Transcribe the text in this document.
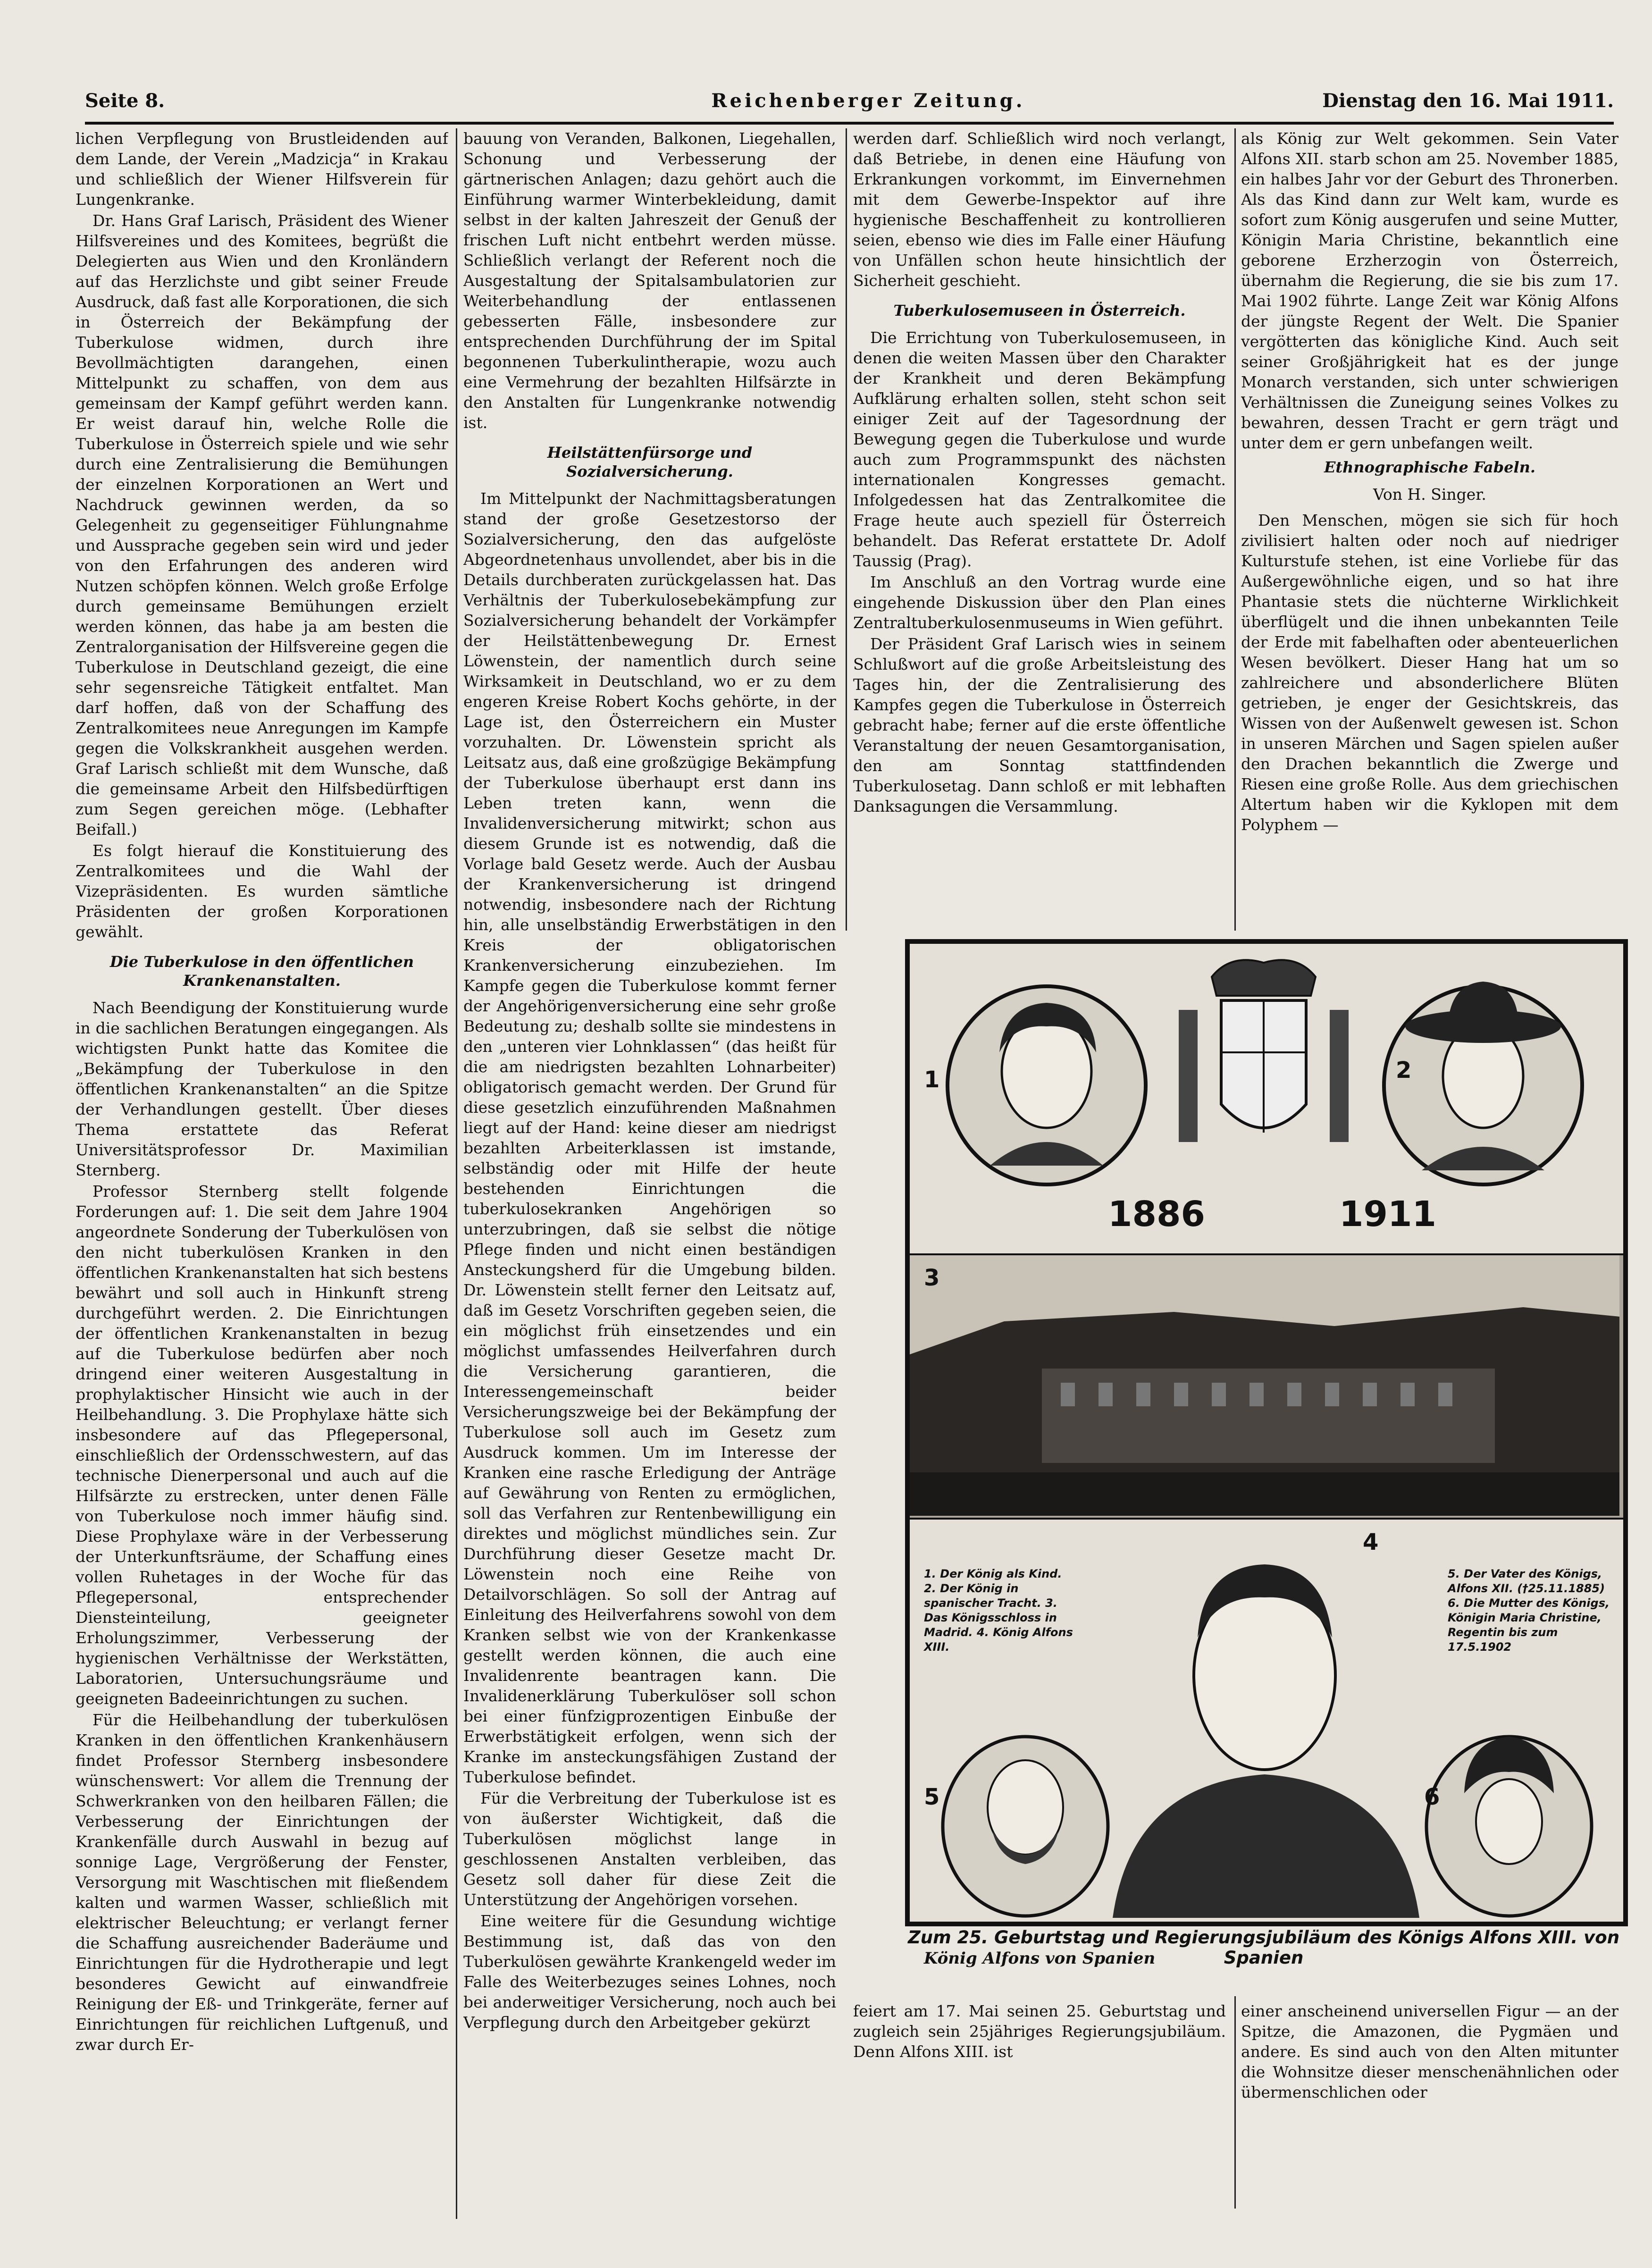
Seite 8.	Reichenberger Zeitung.	Dienstag den 16. Mai 1911.

lichen Verpflegung von Brustleidenden auf dem Lande, der Verein „Madzicja“ in Krakau und schließlich der Wiener Hilfsverein für Lungenkranke.

Dr. Hans Graf Larisch, Präsident des Wiener Hilfsvereines und des Komitees, begrüßt die Delegierten aus Wien und den Kronländern auf das Herzlichste und gibt seiner Freude Ausdruck, daß fast alle Korporationen, die sich in Österreich der Bekämpfung der Tuberkulose widmen, durch ihre Bevollmächtigten darangehen, einen Mittelpunkt zu schaffen, von dem aus gemeinsam der Kampf geführt werden kann. Er weist darauf hin, welche Rolle die Tuberkulose in Österreich spiele und wie sehr durch eine Zentralisierung die Bemühungen der einzelnen Korporationen an Wert und Nachdruck gewinnen werden, da so Gelegenheit zu gegenseitiger Fühlungnahme und Aussprache gegeben sein wird und jeder von den Erfahrungen des anderen wird Nutzen schöpfen können. Welch große Erfolge durch gemeinsame Bemühungen erzielt werden können, das habe ja am besten die Zentralorganisation der Hilfsvereine gegen die Tuberkulose in Deutschland gezeigt, die eine sehr segensreiche Tätigkeit entfaltet. Man darf hoffen, daß von der Schaffung des Zentralkomitees neue Anregungen im Kampfe gegen die Volkskrankheit ausgehen werden. Graf Larisch schließt mit dem Wunsche, daß die gemeinsame Arbeit den Hilfsbedürftigen zum Segen gereichen möge. (Lebhafter Beifall.)

Es folgt hierauf die Konstituierung des Zentralkomitees und die Wahl der Vizepräsidenten. Es wurden sämtliche Präsidenten der großen Korporationen gewählt.

Die Tuberkulose in den öffentlichen Krankenanstalten.

Nach Beendigung der Konstituierung wurde in die sachlichen Beratungen eingegangen. Als wichtigsten Punkt hatte das Komitee die „Bekämpfung der Tuberkulose in den öffentlichen Krankenanstalten“ an die Spitze der Verhandlungen gestellt. Über dieses Thema erstattete das Referat Universitätsprofessor Dr. Maximilian Sternberg.

Professor Sternberg stellt folgende Forderungen auf: 1. Die seit dem Jahre 1904 angeordnete Sonderung der Tuberkulösen von den nicht tuberkulösen Kranken in den öffentlichen Krankenanstalten hat sich bestens bewährt und soll auch in Hinkunft streng durchgeführt werden. 2. Die Einrichtungen der öffentlichen Krankenanstalten in bezug auf die Tuberkulose bedürfen aber noch dringend einer weiteren Ausgestaltung in prophylaktischer Hinsicht wie auch in der Heilbehandlung. 3. Die Prophylaxe hätte sich insbesondere auf das Pflegepersonal, einschließlich der Ordensschwestern, auf das technische Dienerpersonal und auch auf die Hilfsärzte zu erstrecken, unter denen Fälle von Tuberkulose noch immer häufig sind. Diese Prophylaxe wäre in der Verbesserung der Unterkunftsräume, der Schaffung eines vollen Ruhetages in der Woche für das Pflegepersonal, entsprechender Diensteinteilung, geeigneter Erholungszimmer, Verbesserung der hygienischen Verhältnisse der Werkstätten, Laboratorien, Untersuchungsräume und geeigneten Badeeinrichtungen zu suchen.

Für die Heilbehandlung der tuberkulösen Kranken in den öffentlichen Krankenhäusern findet Professor Sternberg insbesondere wünschenswert: Vor allem die Trennung der Schwerkranken von den heilbaren Fällen; die Verbesserung der Einrichtungen der Krankenfälle durch Auswahl in bezug auf sonnige Lage, Vergrößerung der Fenster, Versorgung mit Waschtischen mit fließendem kalten und warmen Wasser, schließlich mit elektrischer Beleuchtung; er verlangt ferner die Schaffung ausreichender Baderäume und Einrichtungen für die Hydrotherapie und legt besonderes Gewicht auf einwandfreie Reinigung der Eß- und Trinkgeräte, ferner auf Einrichtungen für reichlichen Luftgenuß, und zwar durch Er-

bauung von Veranden, Balkonen, Liegehallen, Schonung und Verbesserung der gärtnerischen Anlagen; dazu gehört auch die Einführung warmer Winterbekleidung, damit selbst in der kalten Jahreszeit der Genuß der frischen Luft nicht entbehrt werden müsse. Schließlich verlangt der Referent noch die Ausgestaltung der Spitalsambulatorien zur Weiterbehandlung der entlassenen gebesserten Fälle, insbesondere zur entsprechenden Durchführung der im Spital begonnenen Tuberkulintherapie, wozu auch eine Vermehrung der bezahlten Hilfsärzte in den Anstalten für Lungenkranke notwendig ist.

Heilstättenfürsorge und Sozialversicherung.

Im Mittelpunkt der Nachmittagsberatungen stand der große Gesetzestorso der Sozialversicherung, den das aufgelöste Abgeordnetenhaus unvollendet, aber bis in die Details durchberaten zurückgelassen hat. Das Verhältnis der Tuberkulosebekämpfung zur Sozialversicherung behandelt der Vorkämpfer der Heilstättenbewegung Dr. Ernest Löwenstein, der namentlich durch seine Wirksamkeit in Deutschland, wo er zu dem engeren Kreise Robert Kochs gehörte, in der Lage ist, den Österreichern ein Muster vorzuhalten. Dr. Löwenstein spricht als Leitsatz aus, daß eine großzügige Bekämpfung der Tuberkulose überhaupt erst dann ins Leben treten kann, wenn die Invalidenversicherung mitwirkt; schon aus diesem Grunde ist es notwendig, daß die Vorlage bald Gesetz werde. Auch der Ausbau der Krankenversicherung ist dringend notwendig, insbesondere nach der Richtung hin, alle unselbständig Erwerbstätigen in den Kreis der obligatorischen Krankenversicherung einzubeziehen. Im Kampfe gegen die Tuberkulose kommt ferner der Angehörigenversicherung eine sehr große Bedeutung zu; deshalb sollte sie mindestens in den „unteren vier Lohnklassen“ (das heißt für die am niedrigsten bezahlten Lohnarbeiter) obligatorisch gemacht werden. Der Grund für diese gesetzlich einzuführenden Maßnahmen liegt auf der Hand: keine dieser am niedrigst bezahlten Arbeiterklassen ist imstande, selbständig oder mit Hilfe der heute bestehenden Einrichtungen die tuberkulosekranken Angehörigen so unterzubringen, daß sie selbst die nötige Pflege finden und nicht einen beständigen Ansteckungsherd für die Umgebung bilden. Dr. Löwenstein stellt ferner den Leitsatz auf, daß im Gesetz Vorschriften gegeben seien, die ein möglichst früh einsetzendes und ein möglichst umfassendes Heilverfahren durch die Versicherung garantieren, die Interessengemeinschaft beider Versicherungszweige bei der Bekämpfung der Tuberkulose soll auch im Gesetz zum Ausdruck kommen. Um im Interesse der Kranken eine rasche Erledigung der Anträge auf Gewährung von Renten zu ermöglichen, soll das Verfahren zur Rentenbewilligung ein direktes und möglichst mündliches sein. Zur Durchführung dieser Gesetze macht Dr. Löwenstein noch eine Reihe von Detailvorschlägen. So soll der Antrag auf Einleitung des Heilverfahrens sowohl von dem Kranken selbst wie von der Krankenkasse gestellt werden können, die auch eine Invalidenrente beantragen kann. Die Invalidenerklärung Tuberkulöser soll schon bei einer fünfzigprozentigen Einbuße der Erwerbstätigkeit erfolgen, wenn sich der Kranke im ansteckungsfähigen Zustand der Tuberkulose befindet.

Für die Verbreitung der Tuberkulose ist es von äußerster Wichtigkeit, daß die Tuberkulösen möglichst lange in geschlossenen Anstalten verbleiben, das Gesetz soll daher für diese Zeit die Unterstützung der Angehörigen vorsehen.

Eine weitere für die Gesundung wichtige Bestimmung ist, daß das von den Tuberkulösen gewährte Krankengeld weder im Falle des Weiterbezuges seines Lohnes, noch bei anderweitiger Versicherung, noch auch bei Verpflegung durch den Arbeitgeber gekürzt

werden darf. Schließlich wird noch verlangt, daß Betriebe, in denen eine Häufung von Erkrankungen vorkommt, im Einvernehmen mit dem Gewerbe-Inspektor auf ihre hygienische Beschaffenheit zu kontrollieren seien, ebenso wie dies im Falle einer Häufung von Unfällen schon heute hinsichtlich der Sicherheit geschieht.

Tuberkulosemuseen in Österreich.

Die Errichtung von Tuberkulosemuseen, in denen die weiten Massen über den Charakter der Krankheit und deren Bekämpfung Aufklärung erhalten sollen, steht schon seit einiger Zeit auf der Tagesordnung der Bewegung gegen die Tuberkulose und wurde auch zum Programmspunkt des nächsten internationalen Kongresses gemacht. Infolgedessen hat das Zentralkomitee die Frage heute auch speziell für Österreich behandelt. Das Referat erstattete Dr. Adolf Taussig (Prag).

Im Anschluß an den Vortrag wurde eine eingehende Diskussion über den Plan eines Zentraltuberkulosenmuseums in Wien geführt.

Der Präsident Graf Larisch wies in seinem Schlußwort auf die große Arbeitsleistung des Tages hin, der die Zentralisierung des Kampfes gegen die Tuberkulose in Österreich gebracht habe; ferner auf die erste öffentliche Veranstaltung der neuen Gesamtorganisation, den am Sonntag stattfindenden Tuberkulosetag. Dann schloß er mit lebhaften Danksagungen die Versammlung.

als König zur Welt gekommen. Sein Vater Alfons XII. starb schon am 25. November 1885, ein halbes Jahr vor der Geburt des Thronerben. Als das Kind dann zur Welt kam, wurde es sofort zum König ausgerufen und seine Mutter, Königin Maria Christine, bekanntlich eine geborene Erzherzogin von Österreich, übernahm die Regierung, die sie bis zum 17. Mai 1902 führte. Lange Zeit war König Alfons der jüngste Regent der Welt. Die Spanier vergötterten das königliche Kind. Auch seit seiner Großjährigkeit hat es der junge Monarch verstanden, sich unter schwierigen Verhältnissen die Zuneigung seines Volkes zu bewahren, dessen Tracht er gern trägt und unter dem er gern unbefangen weilt.

Ethnographische Fabeln.
Von H. Singer.

Den Menschen, mögen sie sich für hoch zivilisiert halten oder noch auf niedriger Kulturstufe stehen, ist eine Vorliebe für das Außergewöhnliche eigen, und so hat ihre Phantasie stets die nüchterne Wirklichkeit überflügelt und die ihnen unbekannten Teile der Erde mit fabelhaften oder abenteuerlichen Wesen bevölkert. Dieser Hang hat um so zahlreichere und absonderlichere Blüten getrieben, je enger der Gesichtskreis, das Wissen von der Außenwelt gewesen ist. Schon in unseren Märchen und Sagen spielen außer den Drachen bekanntlich die Zwerge und Riesen eine große Rolle. Aus dem griechischen Altertum haben wir die Kyklopen mit dem Polyphem —

1	2
1886	1911
3
4
5	6
1. Der König als Kind. 2. Der König in spanischer Tracht. 3. Das Königsschloss in Madrid. 4. König Alfons XIII.
5. Der Vater des Königs, Alfons XII. (†25.11.1885) 6. Die Mutter des Königs, Königin Maria Christine, Regentin bis zum 17.5.1902
Zum 25. Geburtstag und Regierungsjubiläum des Königs Alfons XIII. von Spanien
König Alfons von Spanien

feiert am 17. Mai seinen 25. Geburtstag und zugleich sein 25jähriges Regierungsjubiläum. Denn Alfons XIII. ist

einer anscheinend universellen Figur — an der Spitze, die Amazonen, die Pygmäen und andere. Es sind auch von den Alten mitunter die Wohnsitze dieser menschenähnlichen oder übermenschlichen oder
